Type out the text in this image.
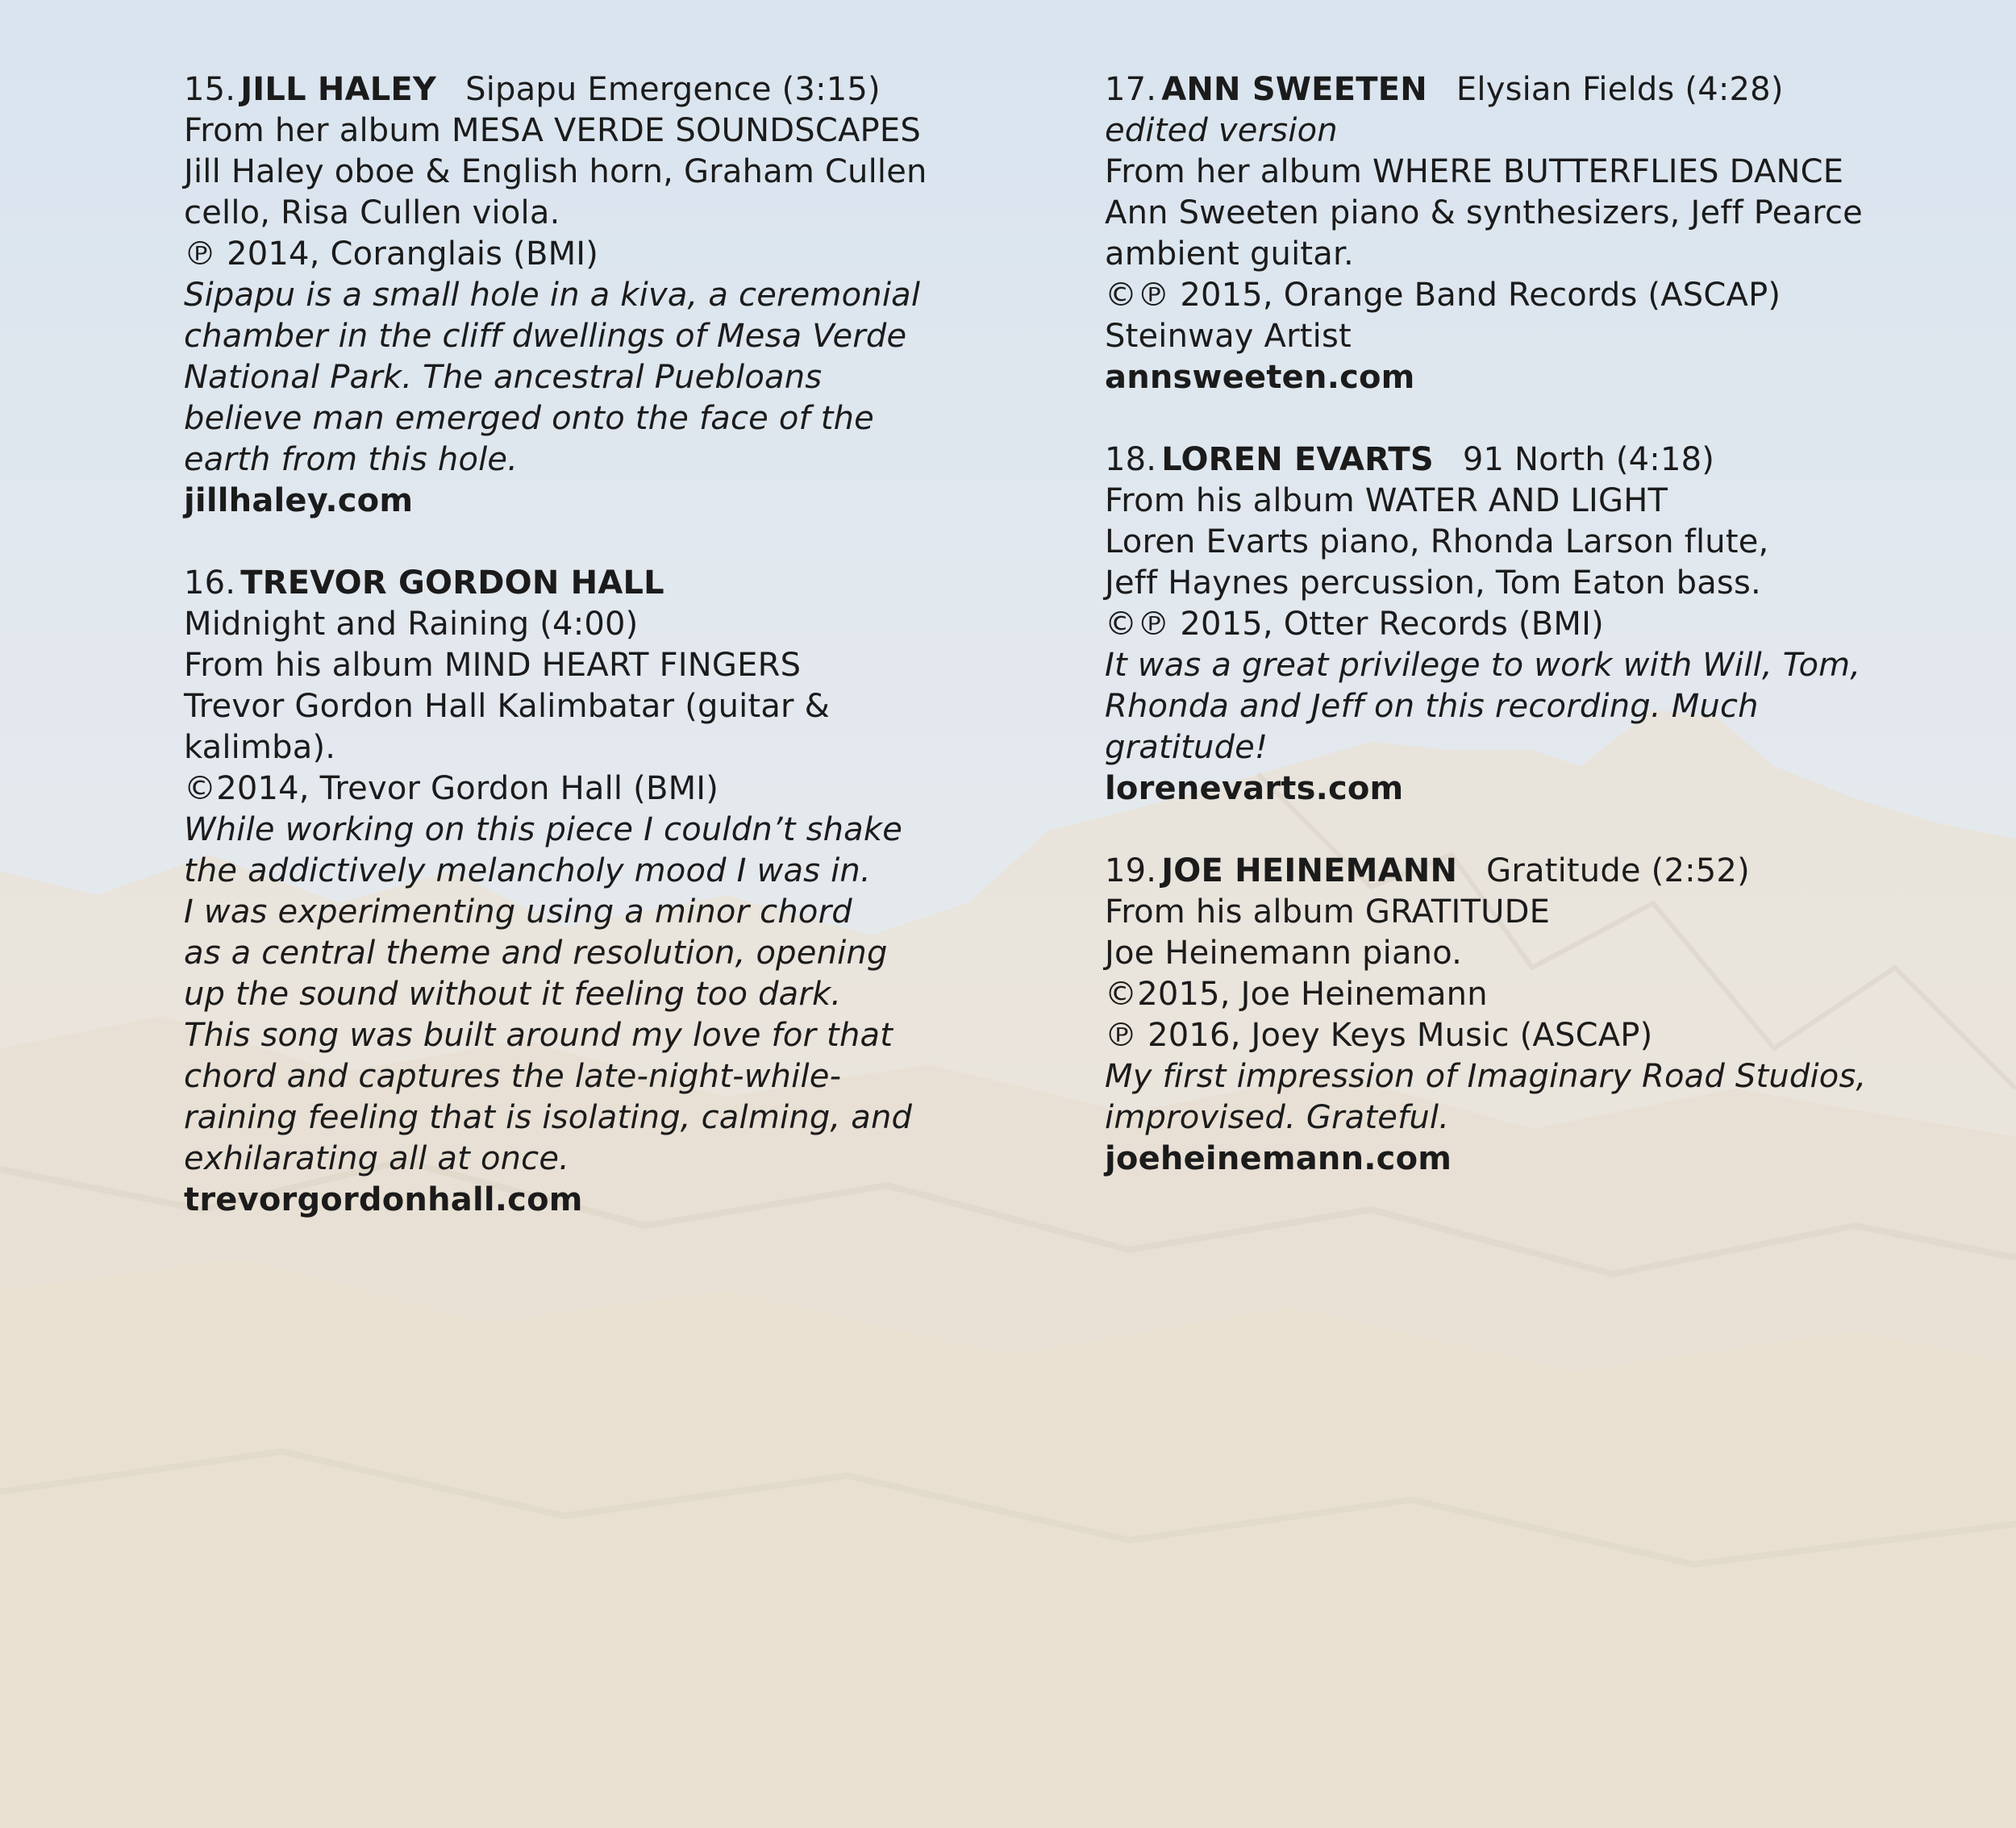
15. JILL HALEY Sipapu Emergence (3:15)
From her album MESA VERDE SOUNDSCAPES
Jill Haley oboe & English horn, Graham Cullen
cello, Risa Cullen viola.
℗ 2014, Coranglais (BMI)
Sipapu is a small hole in a kiva, a ceremonial
chamber in the cliff dwellings of Mesa Verde
National Park. The ancestral Puebloans
believe man emerged onto the face of the
earth from this hole.
jillhaley.com
16. TREVOR GORDON HALL
Midnight and Raining (4:00)
From his album MIND HEART FINGERS
Trevor Gordon Hall Kalimbatar (guitar &
kalimba).
©2014, Trevor Gordon Hall (BMI)
While working on this piece I couldn’t shake
the addictively melancholy mood I was in.
I was experimenting using a minor chord
as a central theme and resolution, opening
up the sound without it feeling too dark.
This song was built around my love for that
chord and captures the late-night-while-
raining feeling that is isolating, calming, and
exhilarating all at once.
trevorgordonhall.com
17. ANN SWEETEN Elysian Fields (4:28)
edited version
From her album WHERE BUTTERFLIES DANCE
Ann Sweeten piano & synthesizers, Jeff Pearce
ambient guitar.
©℗ 2015, Orange Band Records (ASCAP)
Steinway Artist
annsweeten.com
18. LOREN EVARTS 91 North (4:18)
From his album WATER AND LIGHT
Loren Evarts piano, Rhonda Larson flute,
Jeff Haynes percussion, Tom Eaton bass.
©℗ 2015, Otter Records (BMI)
It was a great privilege to work with Will, Tom,
Rhonda and Jeff on this recording. Much
gratitude!
lorenevarts.com
19. JOE HEINEMANN Gratitude (2:52)
From his album GRATITUDE
Joe Heinemann piano.
©2015, Joe Heinemann
℗ 2016, Joey Keys Music (ASCAP)
My first impression of Imaginary Road Studios,
improvised. Grateful.
joeheinemann.com
